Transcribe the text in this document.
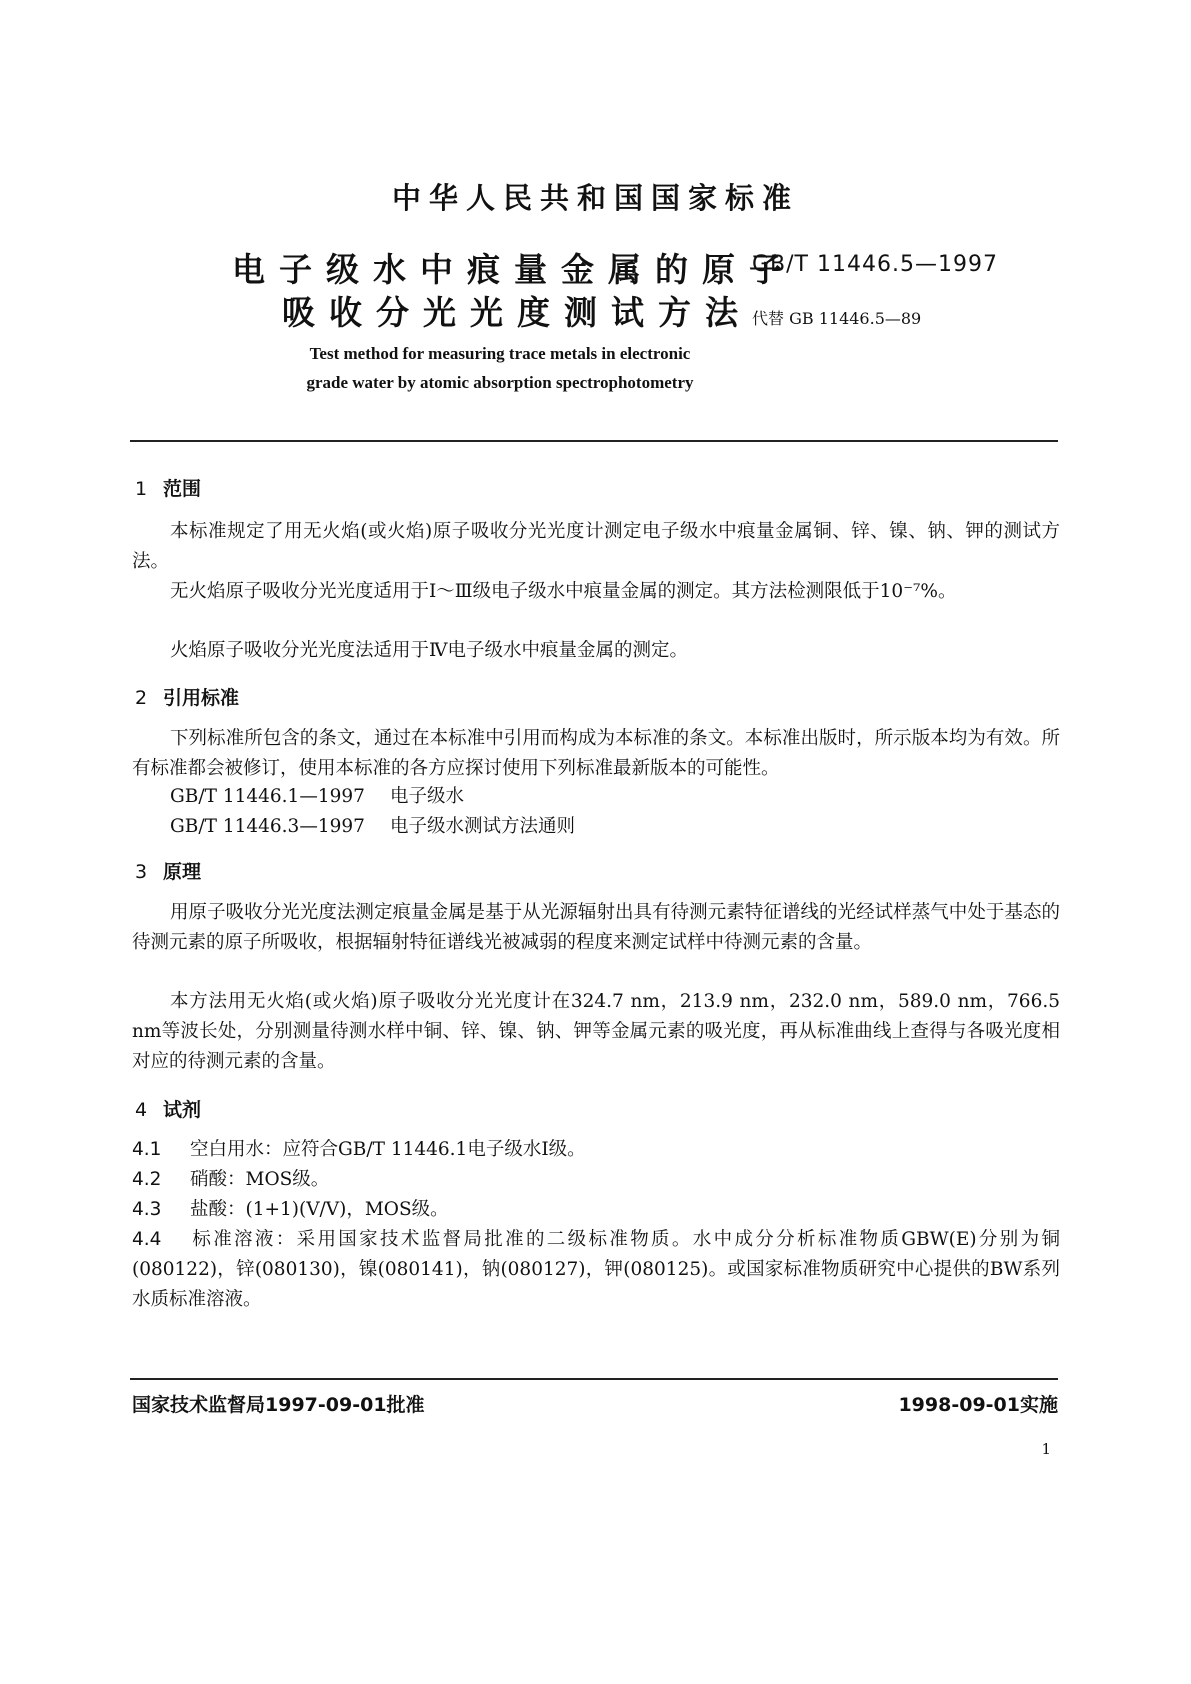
中华人民共和国国家标准
电子级水中痕量金属的原子
吸收分光光度测试方法
GB/T 11446.5—1997
代替 GB 11446.5—89
Test method for measuring trace metals in electronic
grade water by atomic absorption spectrophotometry
1 范围
本标准规定了用无火焰(或火焰)原子吸收分光光度计测定电子级水中痕量金属铜、锌、镍、钠、钾的测试方法。
无火焰原子吸收分光光度适用于Ⅰ～Ⅲ级电子级水中痕量金属的测定。其方法检测限低于10⁻⁷%。
火焰原子吸收分光光度法适用于Ⅳ电子级水中痕量金属的测定。
2 引用标准
下列标准所包含的条文，通过在本标准中引用而构成为本标准的条文。本标准出版时，所示版本均为有效。所有标准都会被修订，使用本标准的各方应探讨使用下列标准最新版本的可能性。
GB/T 11446.1—1997 电子级水
GB/T 11446.3—1997 电子级水测试方法通则
3 原理
用原子吸收分光光度法测定痕量金属是基于从光源辐射出具有待测元素特征谱线的光经试样蒸气中处于基态的待测元素的原子所吸收，根据辐射特征谱线光被减弱的程度来测定试样中待测元素的含量。
本方法用无火焰(或火焰)原子吸收分光光度计在324.7 nm，213.9 nm，232.0 nm，589.0 nm，766.5 nm等波长处，分别测量待测水样中铜、锌、镍、钠、钾等金属元素的吸光度，再从标准曲线上查得与各吸光度相对应的待测元素的含量。
4 试剂
4.1 空白用水：应符合GB/T 11446.1电子级水Ⅰ级。
4.2 硝酸：MOS级。
4.3 盐酸：(1+1)(V/V)，MOS级。
4.4 标准溶液：采用国家技术监督局批准的二级标准物质。水中成分分析标准物质GBW(E)分别为铜(080122)，锌(080130)，镍(080141)，钠(080127)，钾(080125)。或国家标准物质研究中心提供的BW系列水质标准溶液。
国家技术监督局1997-09-01批准	1998-09-01实施
1
